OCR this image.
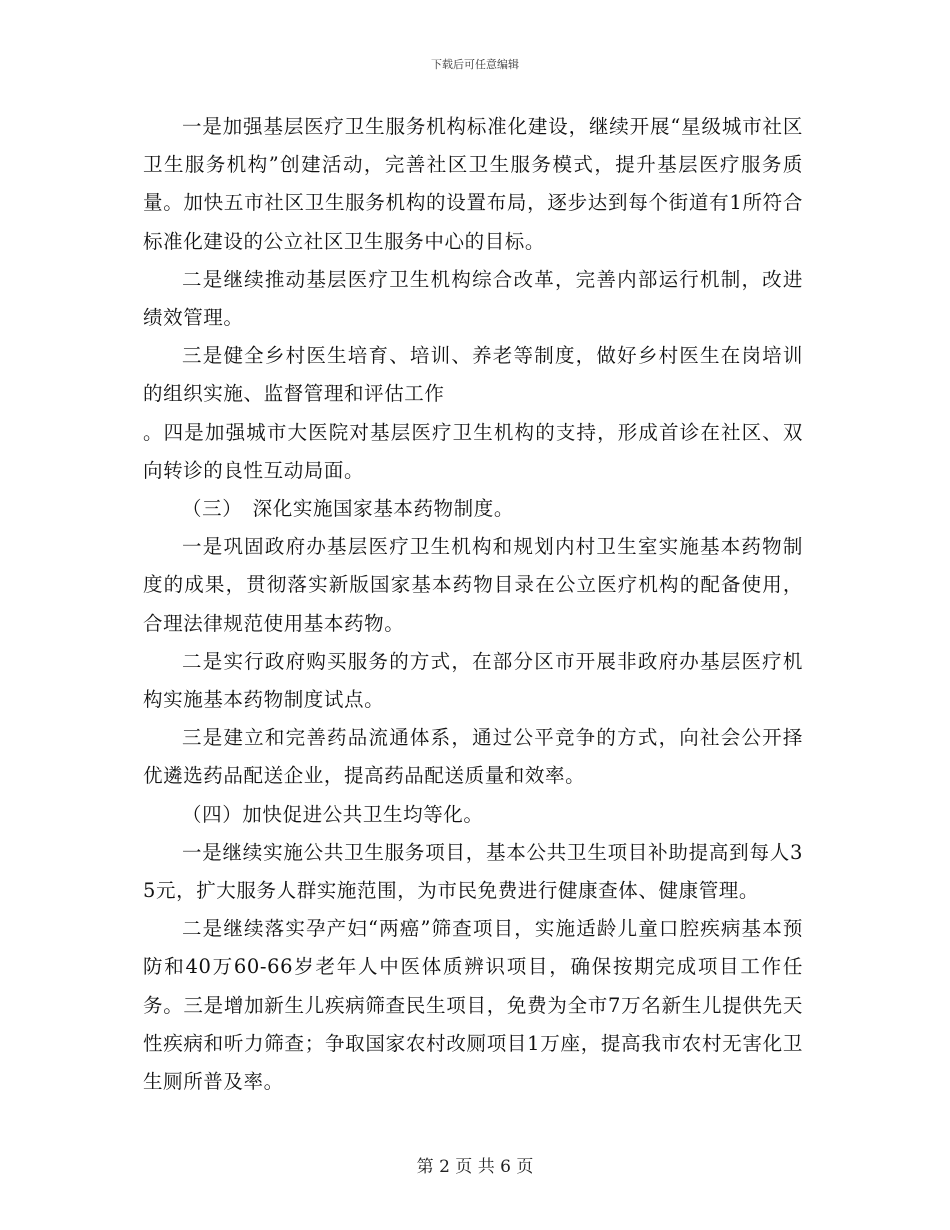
下载后可任意编辑

一是加强基层医疗卫生服务机构标准化建设，继续开展“星级城市社区卫生服务机构”创建活动，完善社区卫生服务模式，提升基层医疗服务质量。加快五市社区卫生服务机构的设置布局，逐步达到每个街道有1所符合标准化建设的公立社区卫生服务中心的目标。

二是继续推动基层医疗卫生机构综合改革，完善内部运行机制，改进绩效管理。

三是健全乡村医生培育、培训、养老等制度，做好乡村医生在岗培训的组织实施、监督管理和评估工作

。四是加强城市大医院对基层医疗卫生机构的支持，形成首诊在社区、双向转诊的良性互动局面。

（三）　深化实施国家基本药物制度。

一是巩固政府办基层医疗卫生机构和规划内村卫生室实施基本药物制度的成果，贯彻落实新版国家基本药物目录在公立医疗机构的配备使用，合理法律规范使用基本药物。

二是实行政府购买服务的方式，在部分区市开展非政府办基层医疗机构实施基本药物制度试点。

三是建立和完善药品流通体系，通过公平竞争的方式，向社会公开择优遴选药品配送企业，提高药品配送质量和效率。

（四）加快促进公共卫生均等化。

一是继续实施公共卫生服务项目，基本公共卫生项目补助提高到每人35元，扩大服务人群实施范围，为市民免费进行健康查体、健康管理。

二是继续落实孕产妇“两癌”筛查项目，实施适龄儿童口腔疾病基本预防和40万60-66岁老年人中医体质辨识项目，确保按期完成项目工作任务。三是增加新生儿疾病筛查民生项目，免费为全市7万名新生儿提供先天性疾病和听力筛查；争取国家农村改厕项目1万座，提高我市农村无害化卫生厕所普及率。

第 2 页 共 6 页
